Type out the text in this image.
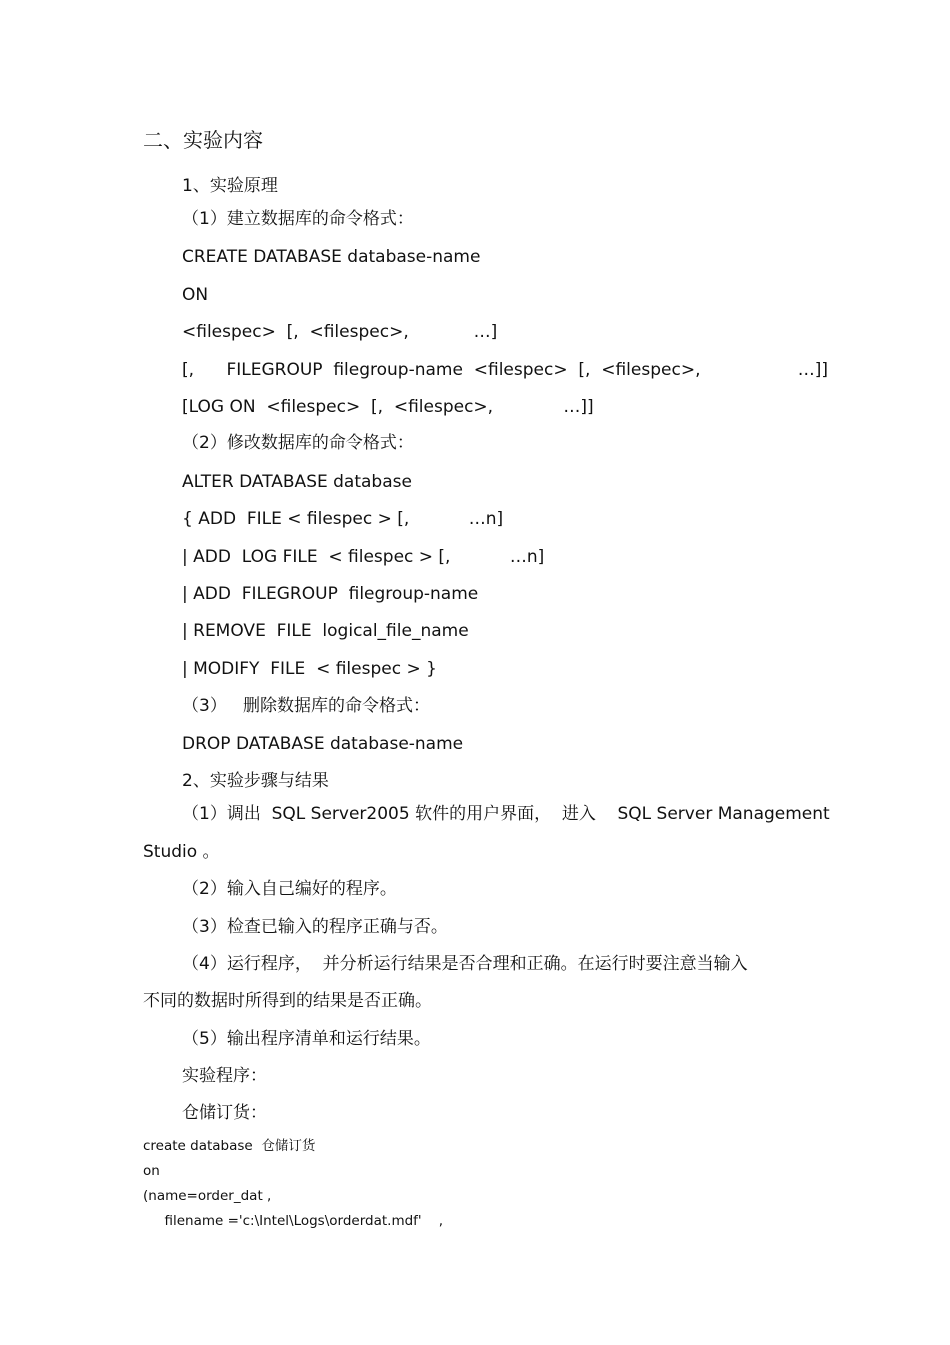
二、实验内容
1、实验原理
（1）建立数据库的命令格式：
CREATE DATABASE database-name
ON
<filespec>  [,  <filespec>,            …]
[,      FILEGROUP  filegroup-name  <filespec>  [,  <filespec>,                  …]]
[LOG ON  <filespec>  [,  <filespec>,             …]]
（2）修改数据库的命令格式：
ALTER DATABASE database
{ ADD  FILE < filespec > [,           …n]
| ADD  LOG FILE  < filespec > [,           …n]
| ADD  FILEGROUP  filegroup-name
| REMOVE  FILE  logical_file_name
| MODIFY  FILE  < filespec > }
（3）   删除数据库的命令格式：
DROP DATABASE database-name
2、实验步骤与结果
（1）调出  SQL Server2005 软件的用户界面，  进入    SQL Server Management
Studio 。
（2）输入自己编好的程序。
（3）检查已输入的程序正确与否。
（4）运行程序，  并分析运行结果是否合理和正确。在运行时要注意当输入
不同的数据时所得到的结果是否正确。
（5）输出程序清单和运行结果。
实验程序：
仓储订货：
create database  仓储订货
on
(name=order_dat ,
filename ='c:\Intel\Logs\orderdat.mdf'    ,
